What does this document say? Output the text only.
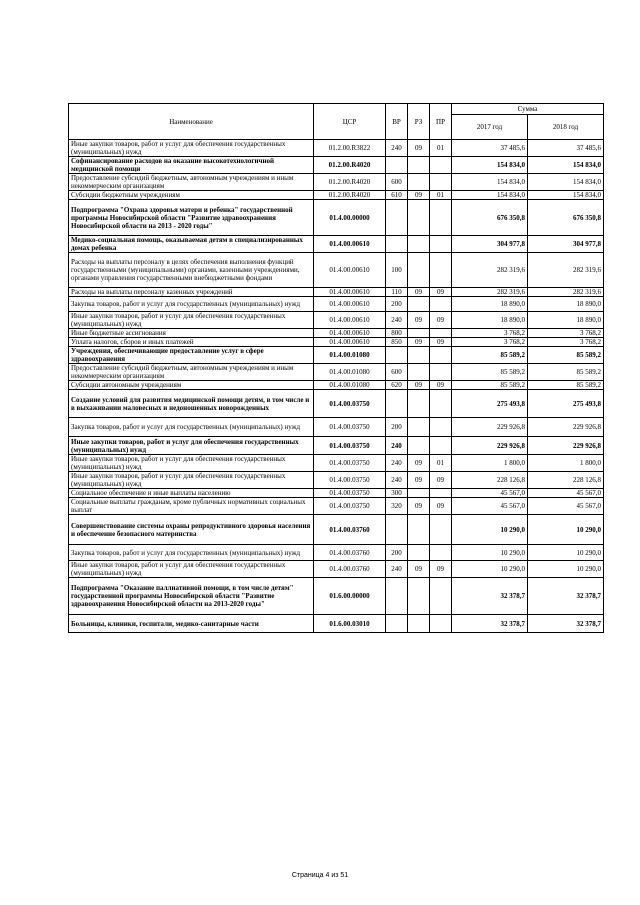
Наименование	ЦСР	ВР	РЗ	ПР	Сумма	
					2017 год	2018 год
Иные закупки товаров, работ и услуг для обеспечения государственных (муниципальных) нужд	01.2.00.R3822	240	09	01	37 485,6	37 485,6
Софинансирование расходов на оказание высокотехнологичной медицинской помощи	01.2.00.R4020				154 834,0	154 834,0
Предоставление субсидий бюджетным, автономным учреждениям и иным некоммерческим организациям	01.2.00.R4020	600			154 834,0	154 834,0
Субсидии бюджетным учреждениям	01.2.00.R4020	610	09	01	154 834,0	154 834,0
Подпрограмма "Охрана здоровья матери и ребенка" государственной программы Новосибирской области "Развитие здравоохранения Новосибирской области на 2013 - 2020 годы"	01.4.00.00000				676 350,8	676 350,8
Медико-социальная помощь, оказываемая детям в специализированных домах ребенка	01.4.00.00610				304 977,8	304 977,8
Расходы на выплаты персоналу в целях обеспечения выполнения функций государственными (муниципальными) органами, казенными учреждениями, органами управления государственными внебюджетными фондами	01.4.00.00610	100			282 319,6	282 319,6
Расходы на выплаты персоналу казенных учреждений	01.4.00.00610	110	09	09	282 319,6	282 319,6
Закупка товаров, работ и услуг для государственных (муниципальных) нужд	01.4.00.00610	200			18 890,0	18 890,0
Иные закупки товаров, работ и услуг для обеспечения государственных (муниципальных) нужд	01.4.00.00610	240	09	09	18 890,0	18 890,0
Иные бюджетные ассигнования	01.4.00.00610	800			3 768,2	3 768,2
Уплата налогов, сборов и иных платежей	01.4.00.00610	850	09	09	3 768,2	3 768,2
Учреждения, обеспечивающие предоставление услуг в сфере здравоохранения	01.4.00.01080				85 589,2	85 589,2
Предоставление субсидий бюджетным, автономным учреждениям и иным некоммерческим организациям	01.4.00.01080	600			85 589,2	85 589,2
Субсидии автономным учреждениям	01.4.00.01080	620	09	09	85 589,2	85 589,2
Создание условий для развития медицинской помощи детям, в том числе и в выхаживании маловесных и недоношенных новорожденных	01.4.00.03750				275 493,8	275 493,8
Закупка товаров, работ и услуг для государственных (муниципальных) нужд	01.4.00.03750	200			229 926,8	229 926,8
Иные закупки товаров, работ и услуг для обеспечения государственных (муниципальных) нужд	01.4.00.03750	240			229 926,8	229 926,8
Иные закупки товаров, работ и услуг для обеспечения государственных (муниципальных) нужд	01.4.00.03750	240	09	01	1 800,0	1 800,0
Иные закупки товаров, работ и услуг для обеспечения государственных (муниципальных) нужд	01.4.00.03750	240	09	09	228 126,8	228 126,8
Социальное обеспечение и иные выплаты населению	01.4.00.03750	300			45 567,0	45 567,0
Социальные выплаты гражданам, кроме публичных нормативных социальных выплат	01.4.00.03750	320	09	09	45 567,0	45 567,0
Совершенствование системы охраны репродуктивного здоровья населения и обеспечение безопасного материнства	01.4.00.03760				10 290,0	10 290,0
Закупка товаров, работ и услуг для государственных (муниципальных) нужд	01.4.00.03760	200			10 290,0	10 290,0
Иные закупки товаров, работ и услуг для обеспечения государственных (муниципальных) нужд	01.4.00.03760	240	09	09	10 290,0	10 290,0
Подпрограмма "Оказание паллиативной помощи, в том числе детям" государственной программы Новосибирской области "Развитие здравоохранения Новосибирской области на 2013-2020 годы"	01.6.00.00000				32 378,7	32 378,7
Больницы, клиники, госпитали, медико-санитарные части	01.6.00.03010				32 378,7	32 378,7
Страница 4 из 51
